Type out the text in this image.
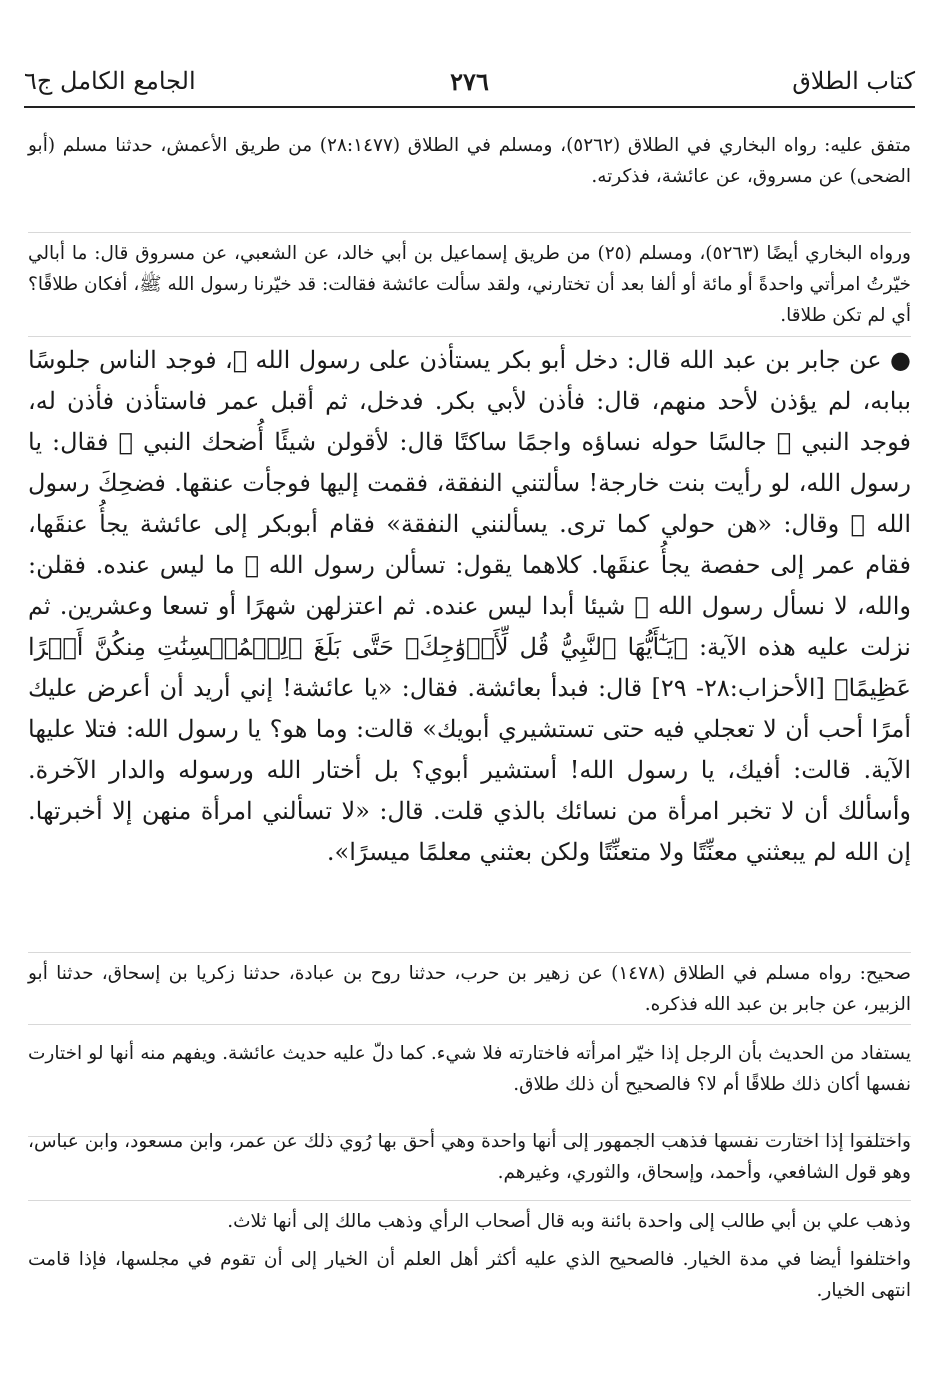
كتاب الطلاق
٢٧٦
الجامع الكامل ج٦
متفق عليه: رواه البخاري في الطلاق (٥٢٦٢)، ومسلم في الطلاق (٢٨:١٤٧٧) من طريق الأعمش، حدثنا مسلم (أبو الضحى) عن مسروق، عن عائشة، فذكرته.
ورواه البخاري أيضًا (٥٢٦٣)، ومسلم (٢٥) من طريق إسماعيل بن أبي خالد، عن الشعبي، عن مسروق قال: ما أبالي خيّرتُ امرأتي واحدةً أو مائة أو ألفا بعد أن تختارني، ولقد سألت عائشة فقالت: قد خيّرنا رسول الله ﷺ، أفكان طلاقًا؟ أي لم تكن طلاقا.
● عن جابر بن عبد الله قال: دخل أبو بكر يستأذن على رسول الله ﷺ، فوجد الناس جلوسًا ببابه، لم يؤذن لأحد منهم، قال: فأذن لأبي بكر. فدخل، ثم أقبل عمر فاستأذن فأذن له، فوجد النبي ﷺ جالسًا حوله نساؤه واجمًا ساكتًا قال: لأقولن شيئًا أُضحك النبي ﷺ فقال: يا رسول الله، لو رأيت بنت خارجة! سألتني النفقة، فقمت إليها فوجأت عنقها. فضحِكَ رسول الله ﷺ وقال: «هن حولي كما ترى. يسألنني النفقة» فقام أبوبكر إلى عائشة يجأُ عنقَها، فقام عمر إلى حفصة يجأُ عنقَها. كلاهما يقول: تسألن رسول الله ﷺ ما ليس عنده. فقلن: والله، لا نسأل رسول الله ﷺ شيئا أبدا ليس عنده. ثم اعتزلهن شهرًا أو تسعا وعشرين. ثم نزلت عليه هذه الآية: ﴿يَـٰٓأَيُّهَا ٱلنَّبِيُّ قُل لِّأَزۡوَٰجِكَ﴾ حَتَّى بَلَغَ ﴿لِلۡمُحۡسِنَٰتِ مِنكُنَّ أَجۡرًا عَظِيمًا﴾ [الأحزاب:٢٨- ٢٩] قال: فبدأ بعائشة. فقال: «يا عائشة! إني أريد أن أعرض عليك أمرًا أحب أن لا تعجلي فيه حتى تستشيري أبويك» قالت: وما هو؟ يا رسول الله: فتلا عليها الآية. قالت: أفيك، يا رسول الله! أستشير أبوي؟ بل أختار الله ورسوله والدار الآخرة. وأسألك أن لا تخبر امرأة من نسائك بالذي قلت. قال: «لا تسألني امرأة منهن إلا أخبرتها. إن الله لم يبعثني معنِّتًا ولا متعنِّتًا ولكن بعثني معلمًا ميسرًا».
صحيح: رواه مسلم في الطلاق (١٤٧٨) عن زهير بن حرب، حدثنا روح بن عبادة، حدثنا زكريا بن إسحاق، حدثنا أبو الزبير، عن جابر بن عبد الله فذكره.
يستفاد من الحديث بأن الرجل إذا خيّر امرأته فاختارته فلا شيء. كما دلّ عليه حديث عائشة. ويفهم منه أنها لو اختارت نفسها أكان ذلك طلاقًا أم لا؟ فالصحيح أن ذلك طلاق.
واختلفوا إذا اختارت نفسها فذهب الجمهور إلى أنها واحدة وهي أحق بها رُوي ذلك عن عمر، وابن مسعود، وابن عباس، وهو قول الشافعي، وأحمد، وإسحاق، والثوري، وغيرهم.
وذهب علي بن أبي طالب إلى واحدة بائنة وبه قال أصحاب الرأي وذهب مالك إلى أنها ثلاث.
واختلفوا أيضا في مدة الخيار. فالصحيح الذي عليه أكثر أهل العلم أن الخيار إلى أن تقوم في مجلسها، فإذا قامت انتهى الخيار.
